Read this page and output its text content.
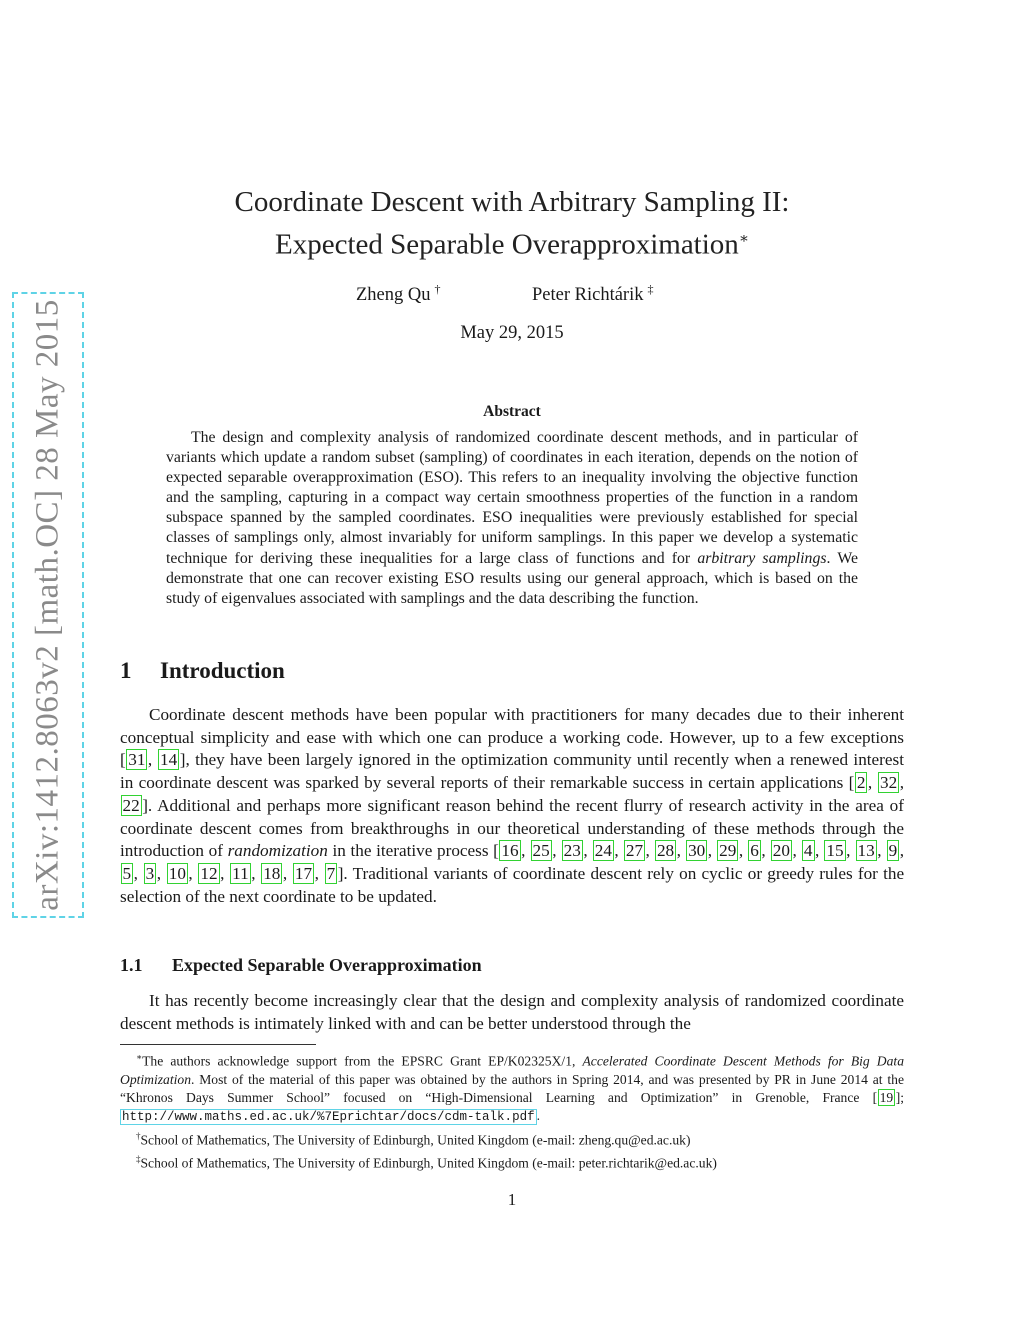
arXiv:1412.8063v2 [math.OC] 28 May 2015
Coordinate Descent with Arbitrary Sampling II:
Expected Separable Overapproximation∗
Zheng Qu †	Peter Richtárik ‡
May 29, 2015
Abstract

The design and complexity analysis of randomized coordinate descent methods, and in particular of variants which update a random subset (sampling) of coordinates in each iteration, depends on the notion of expected separable overapproximation (ESO). This refers to an inequality involving the objective function and the sampling, capturing in a compact way certain smoothness properties of the function in a random subspace spanned by the sampled coordinates. ESO inequalities were previously established for special classes of samplings only, almost invariably for uniform samplings. In this paper we develop a systematic technique for deriving these inequalities for a large class of functions and for arbitrary samplings. We demonstrate that one can recover existing ESO results using our general approach, which is based on the study of eigenvalues associated with samplings and the data describing the function.

1 Introduction

Coordinate descent methods have been popular with practitioners for many decades due to their inherent conceptual simplicity and ease with which one can produce a working code. However, up to a few exceptions [ 31 , 14 ], they have been largely ignored in the optimization community until recently when a renewed interest in coordinate descent was sparked by several reports of their remarkable success in certain applications [ 2 , 32 , 22 ]. Additional and perhaps more significant reason behind the recent flurry of research activity in the area of coordinate descent comes from breakthroughs in our theoretical understanding of these methods through the introduction of randomization in the iterative process [ 16 , 25 , 23 , 24 , 27 , 28 , 30 , 29 , 6 , 20 , 4 , 15 , 13 , 9 , 5 , 3 , 10 , 12 , 11 , 18 , 17 , 7 ]. Traditional variants of coordinate descent rely on cyclic or greedy rules for the selection of the next coordinate to be updated.

1.1 Expected Separable Overapproximation

It has recently become increasingly clear that the design and complexity analysis of randomized coordinate descent methods is intimately linked with and can be better understood through the

∗The authors acknowledge support from the EPSRC Grant EP/K02325X/1, Accelerated Coordinate Descent Methods for Big Data Optimization. Most of the material of this paper was obtained by the authors in Spring 2014, and was presented by PR in June 2014 at the “Khronos Days Summer School” focused on “High-Dimensional Learning and Optimization” in Grenoble, France [ 19 ]; http://www.maths.ed.ac.uk/%7Eprichtar/docs/cdm-talk.pdf .

†School of Mathematics, The University of Edinburgh, United Kingdom (e-mail: zheng.qu@ed.ac.uk)

‡School of Mathematics, The University of Edinburgh, United Kingdom (e-mail: peter.richtarik@ed.ac.uk)

1
